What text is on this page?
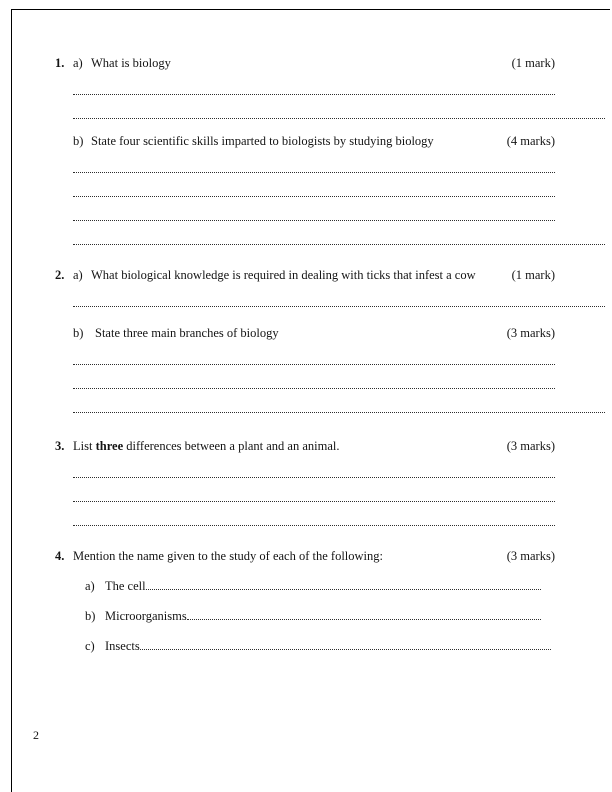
1. a) What is biology	(1 mark)
b) State four scientific skills imparted to biologists by studying biology	(4 marks)
2. a) What biological knowledge is required in dealing with ticks that infest a cow	(1 mark)
b) State three main branches of biology	(3 marks)
3. List three differences between a plant and an animal.	(3 marks)
4. Mention the name given to the study of each of the following:	(3 marks)
a) The cell
b) Microorganisms
c) Insects
2
